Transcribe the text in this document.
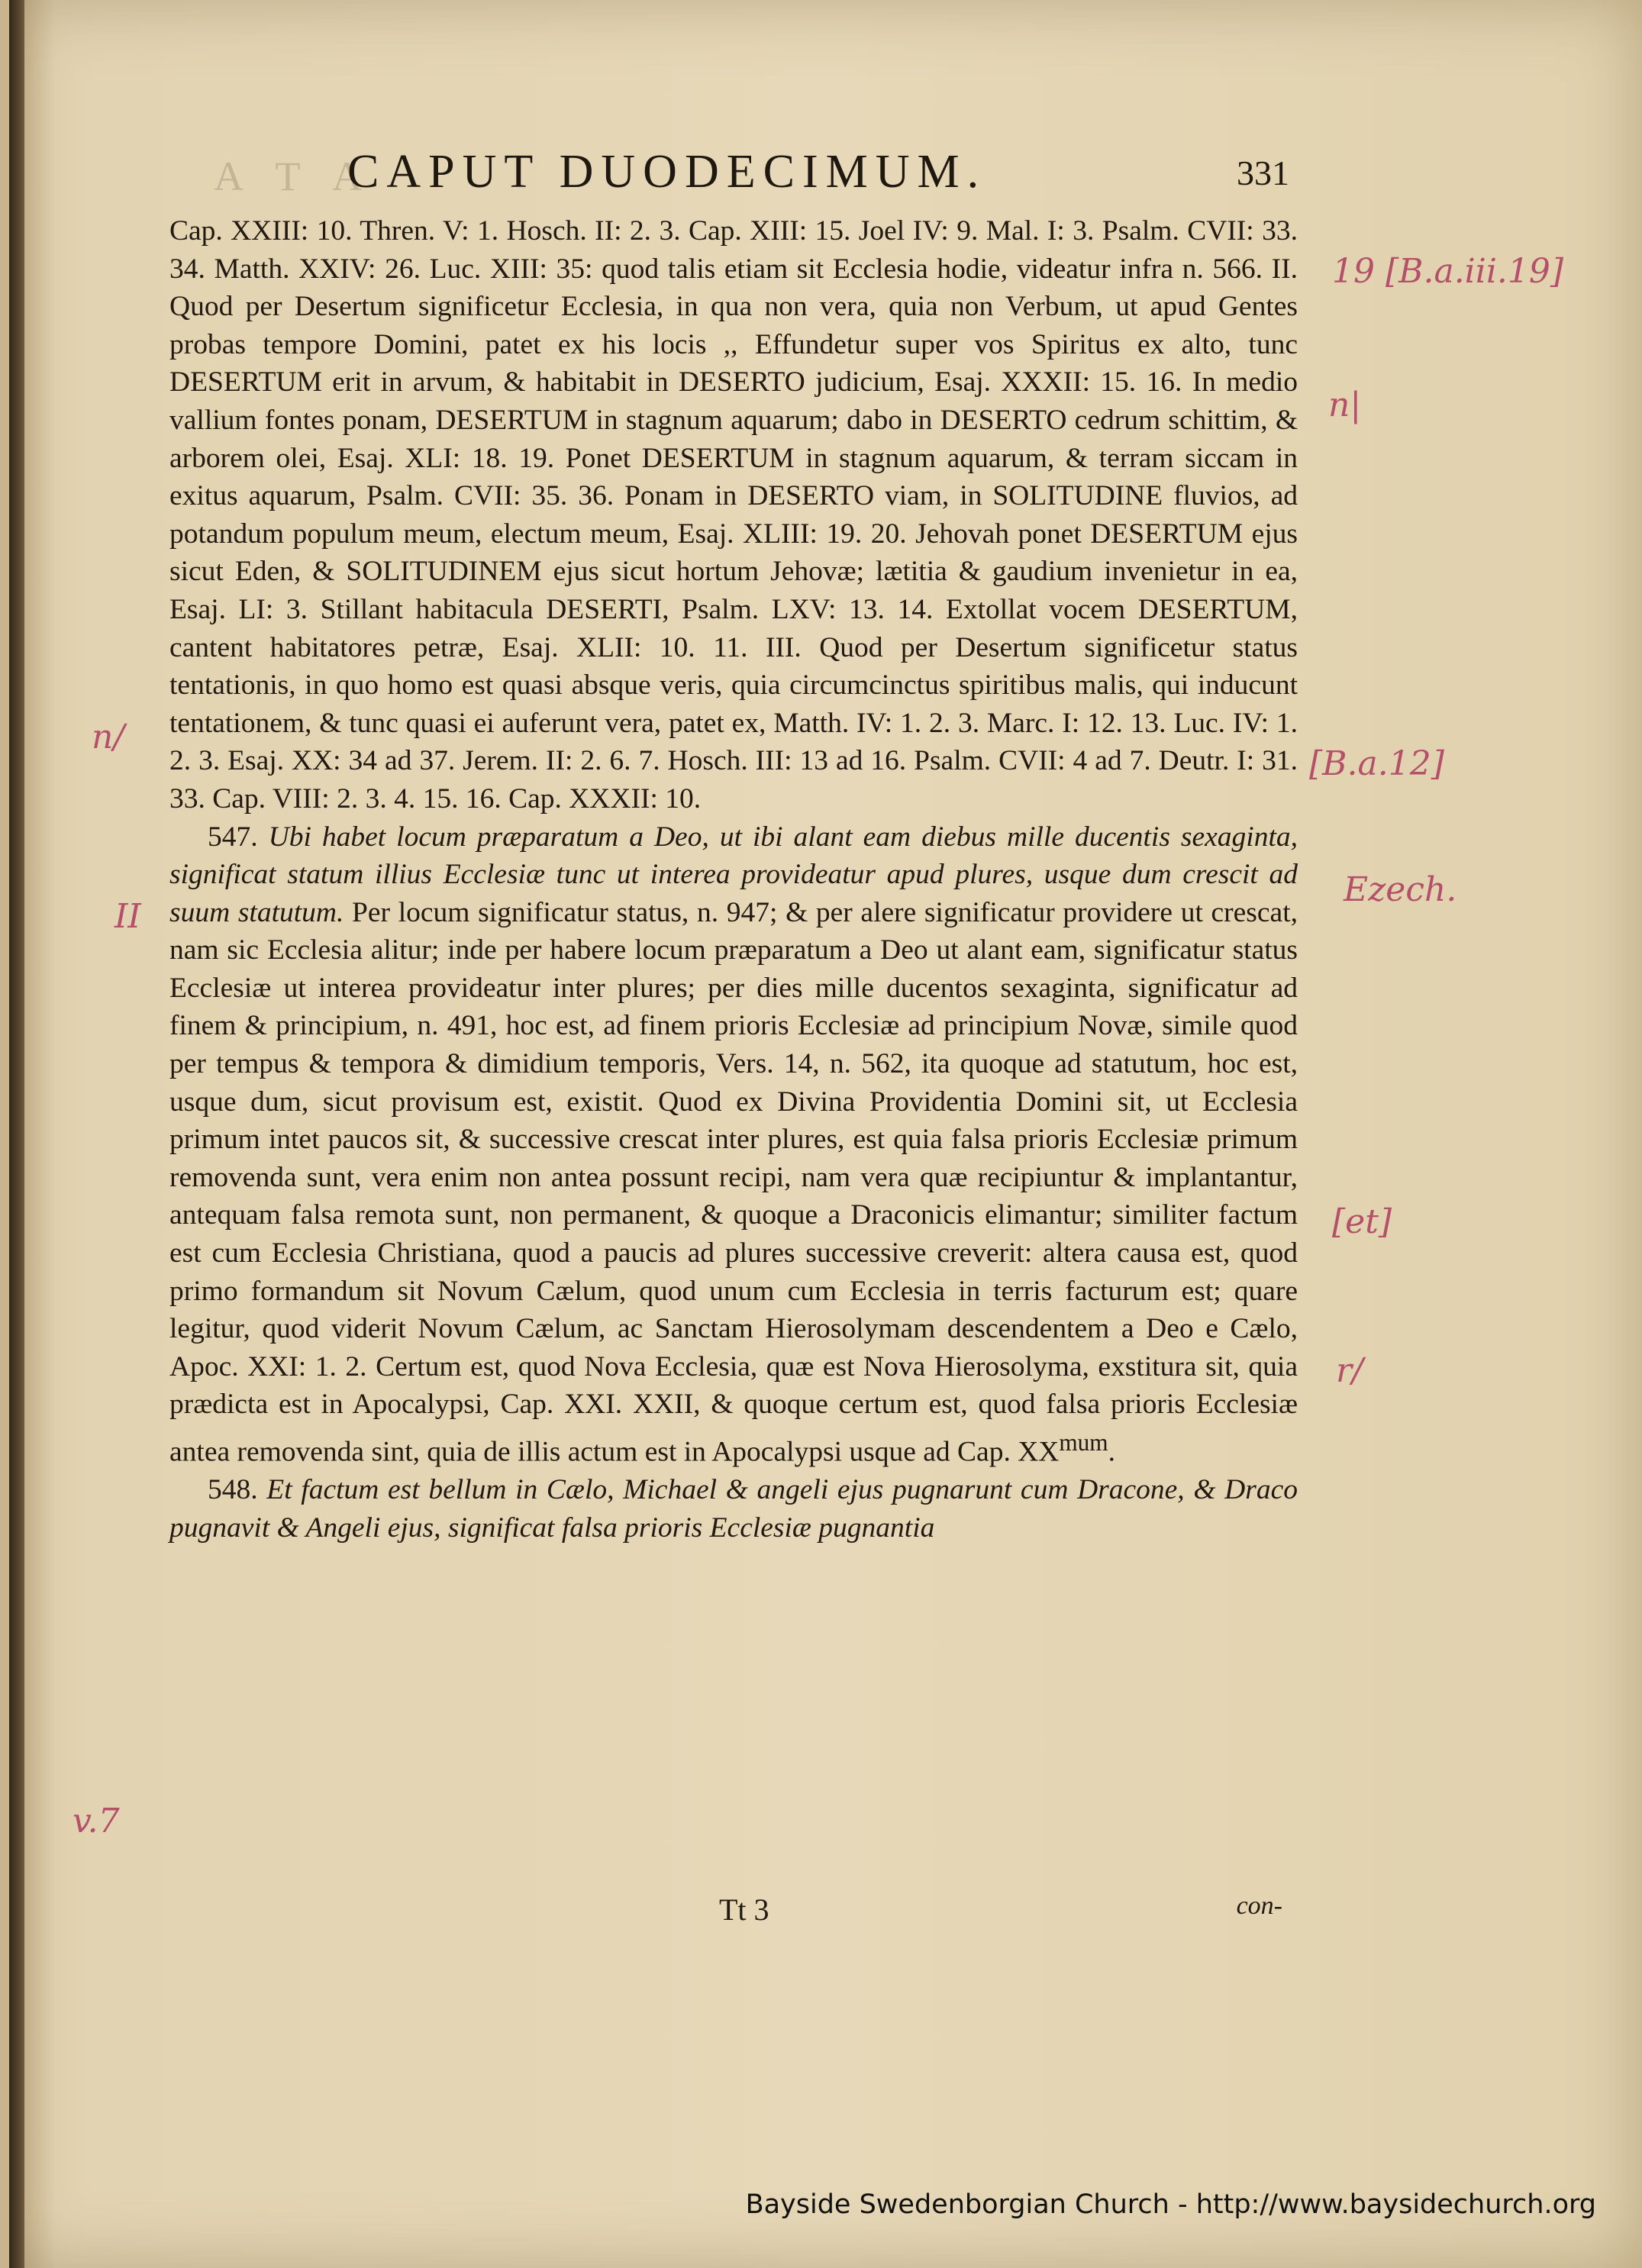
A T A
CAPUT DUODECIMUM.	331

Cap. XXIII: 10. Thren. V: 1. Hosch. II: 2. 3. Cap. XIII: 15. Joel IV: 9. Mal. I: 3. Psalm. CVII: 33. 34. Matth. XXIV: 26. Luc. XIII: 35: quod talis etiam sit Ecclesia hodie, videatur infra n. 566. II. Quod per Desertum significetur Ecclesia, in qua non vera, quia non Verbum, ut apud Gentes probas tempore Domini, patet ex his locis ,, Effundetur super vos Spiritus ex alto, tunc DESERTUM erit in arvum, & habitabit in DESERTO judicium, Esaj. XXXII: 15. 16. In medio vallium fontes ponam, DESERTUM in stagnum aquarum; dabo in DESERTO cedrum schittim, & arborem olei, Esaj. XLI: 18. 19. Ponet DESERTUM in stagnum aquarum, & terram siccam in exitus aquarum, Psalm. CVII: 35. 36. Ponam in DESERTO viam, in SOLITUDINE fluvios, ad potandum populum meum, electum meum, Esaj. XLIII: 19. 20. Jehovah ponet DESERTUM ejus sicut Eden, & SOLITUDINEM ejus sicut hortum Jehovæ; lætitia & gaudium invenietur in ea, Esaj. LI: 3. Stillant habitacula DESERTI, Psalm. LXV: 13. 14. Extollat vocem DESERTUM, cantent habitatores petræ, Esaj. XLII: 10. 11. III. Quod per Desertum significetur status tentationis, in quo homo est quasi absque veris, quia circumcinctus spiritibus malis, qui inducunt tentationem, & tunc quasi ei auferunt vera, patet ex, Matth. IV: 1. 2. 3. Marc. I: 12. 13. Luc. IV: 1. 2. 3. Esaj. XX: 34 ad 37. Jerem. II: 2. 6. 7. Hosch. III: 13 ad 16. Psalm. CVII: 4 ad 7. Deutr. I: 31. 33. Cap. VIII: 2. 3. 4. 15. 16. Cap. XXXII: 10.

547. Ubi habet locum præparatum a Deo, ut ibi alant eam diebus mille ducentis sexaginta, significat statum illius Ecclesiæ tunc ut interea provideatur apud plures, usque dum crescit ad suum statutum. Per locum significatur status, n. 947; & per alere significatur providere ut crescat, nam sic Ecclesia alitur; inde per habere locum præparatum a Deo ut alant eam, significatur status Ecclesiæ ut interea provideatur inter plures; per dies mille ducentos sexaginta, significatur ad finem & principium, n. 491, hoc est, ad finem prioris Ecclesiæ ad principium Novæ, simile quod per tempus & tempora & dimidium temporis, Vers. 14, n. 562, ita quoque ad statutum, hoc est, usque dum, sicut provisum est, existit. Quod ex Divina Providentia Domini sit, ut Ecclesia primum intet paucos sit, & successive crescat inter plures, est quia falsa prioris Ecclesiæ primum removenda sunt, vera enim non antea possunt recipi, nam vera quæ recipiuntur & implantantur, antequam falsa remota sunt, non permanent, & quoque a Draconicis elimantur; similiter factum est cum Ecclesia Christiana, quod a paucis ad plures successive creverit: altera causa est, quod primo formandum sit Novum Cælum, quod unum cum Ecclesia in terris facturum est; quare legitur, quod viderit Novum Cælum, ac Sanctam Hierosolymam descendentem a Deo e Cælo, Apoc. XXI: 1. 2. Certum est, quod Nova Ecclesia, quæ est Nova Hierosolyma, exstitura sit, quia prædicta est in Apocalypsi, Cap. XXI. XXII, & quoque certum est, quod falsa prioris Ecclesiæ antea removenda sint, quia de illis actum est in Apocalypsi usque ad Cap. $XX^{mum}$.

548. Et factum est bellum in Cælo, Michael & angeli ejus pugnarunt cum Dracone, & Draco pugnavit & Angeli ejus, significat falsa prioris Ecclesiæ pugnantia

Tt 3	con-
19 [B.a.iii.19]
n|
n/
[B.a.12]
II
Ezech.
[et]
r/
v.7
Bayside Swedenborgian Church - http://www.baysidechurch.org
